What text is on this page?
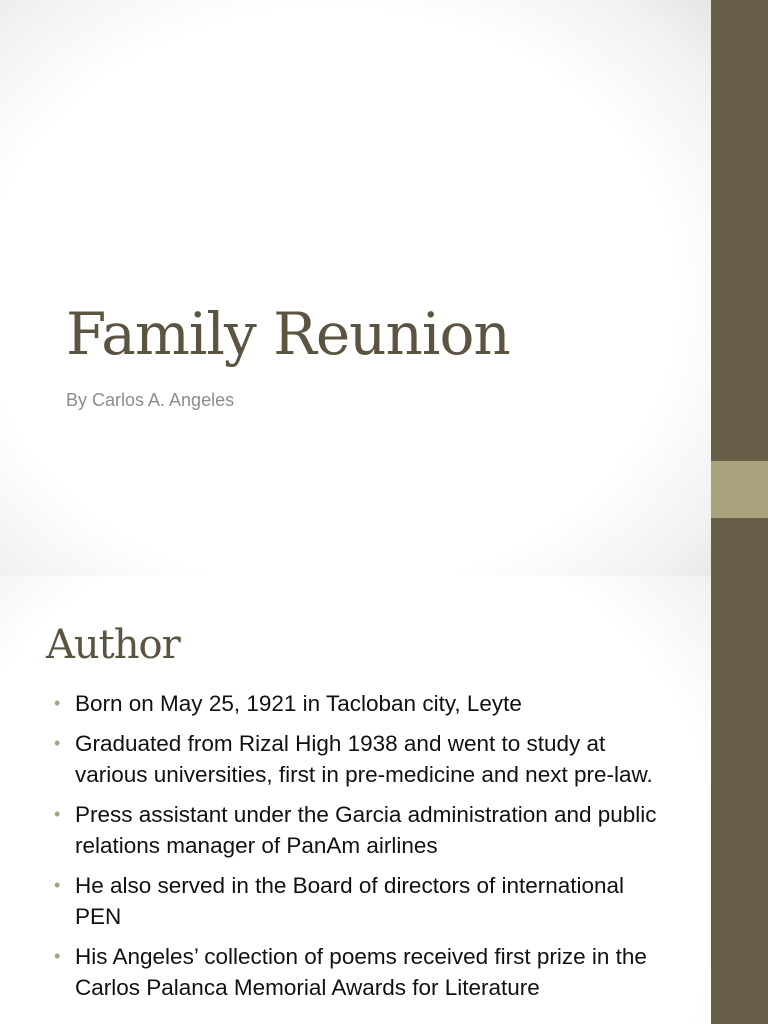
Family Reunion
By Carlos A. Angeles
Author
• Born on May 25, 1921 in Tacloban city, Leyte
• Graduated from Rizal High 1938 and went to study at various universities, first in pre-medicine and next pre-law.
• Press assistant under the Garcia administration and public relations manager of PanAm airlines
• He also served in the Board of directors of international PEN
• His Angeles’ collection of poems received first prize in the Carlos Palanca Memorial Awards for Literature
